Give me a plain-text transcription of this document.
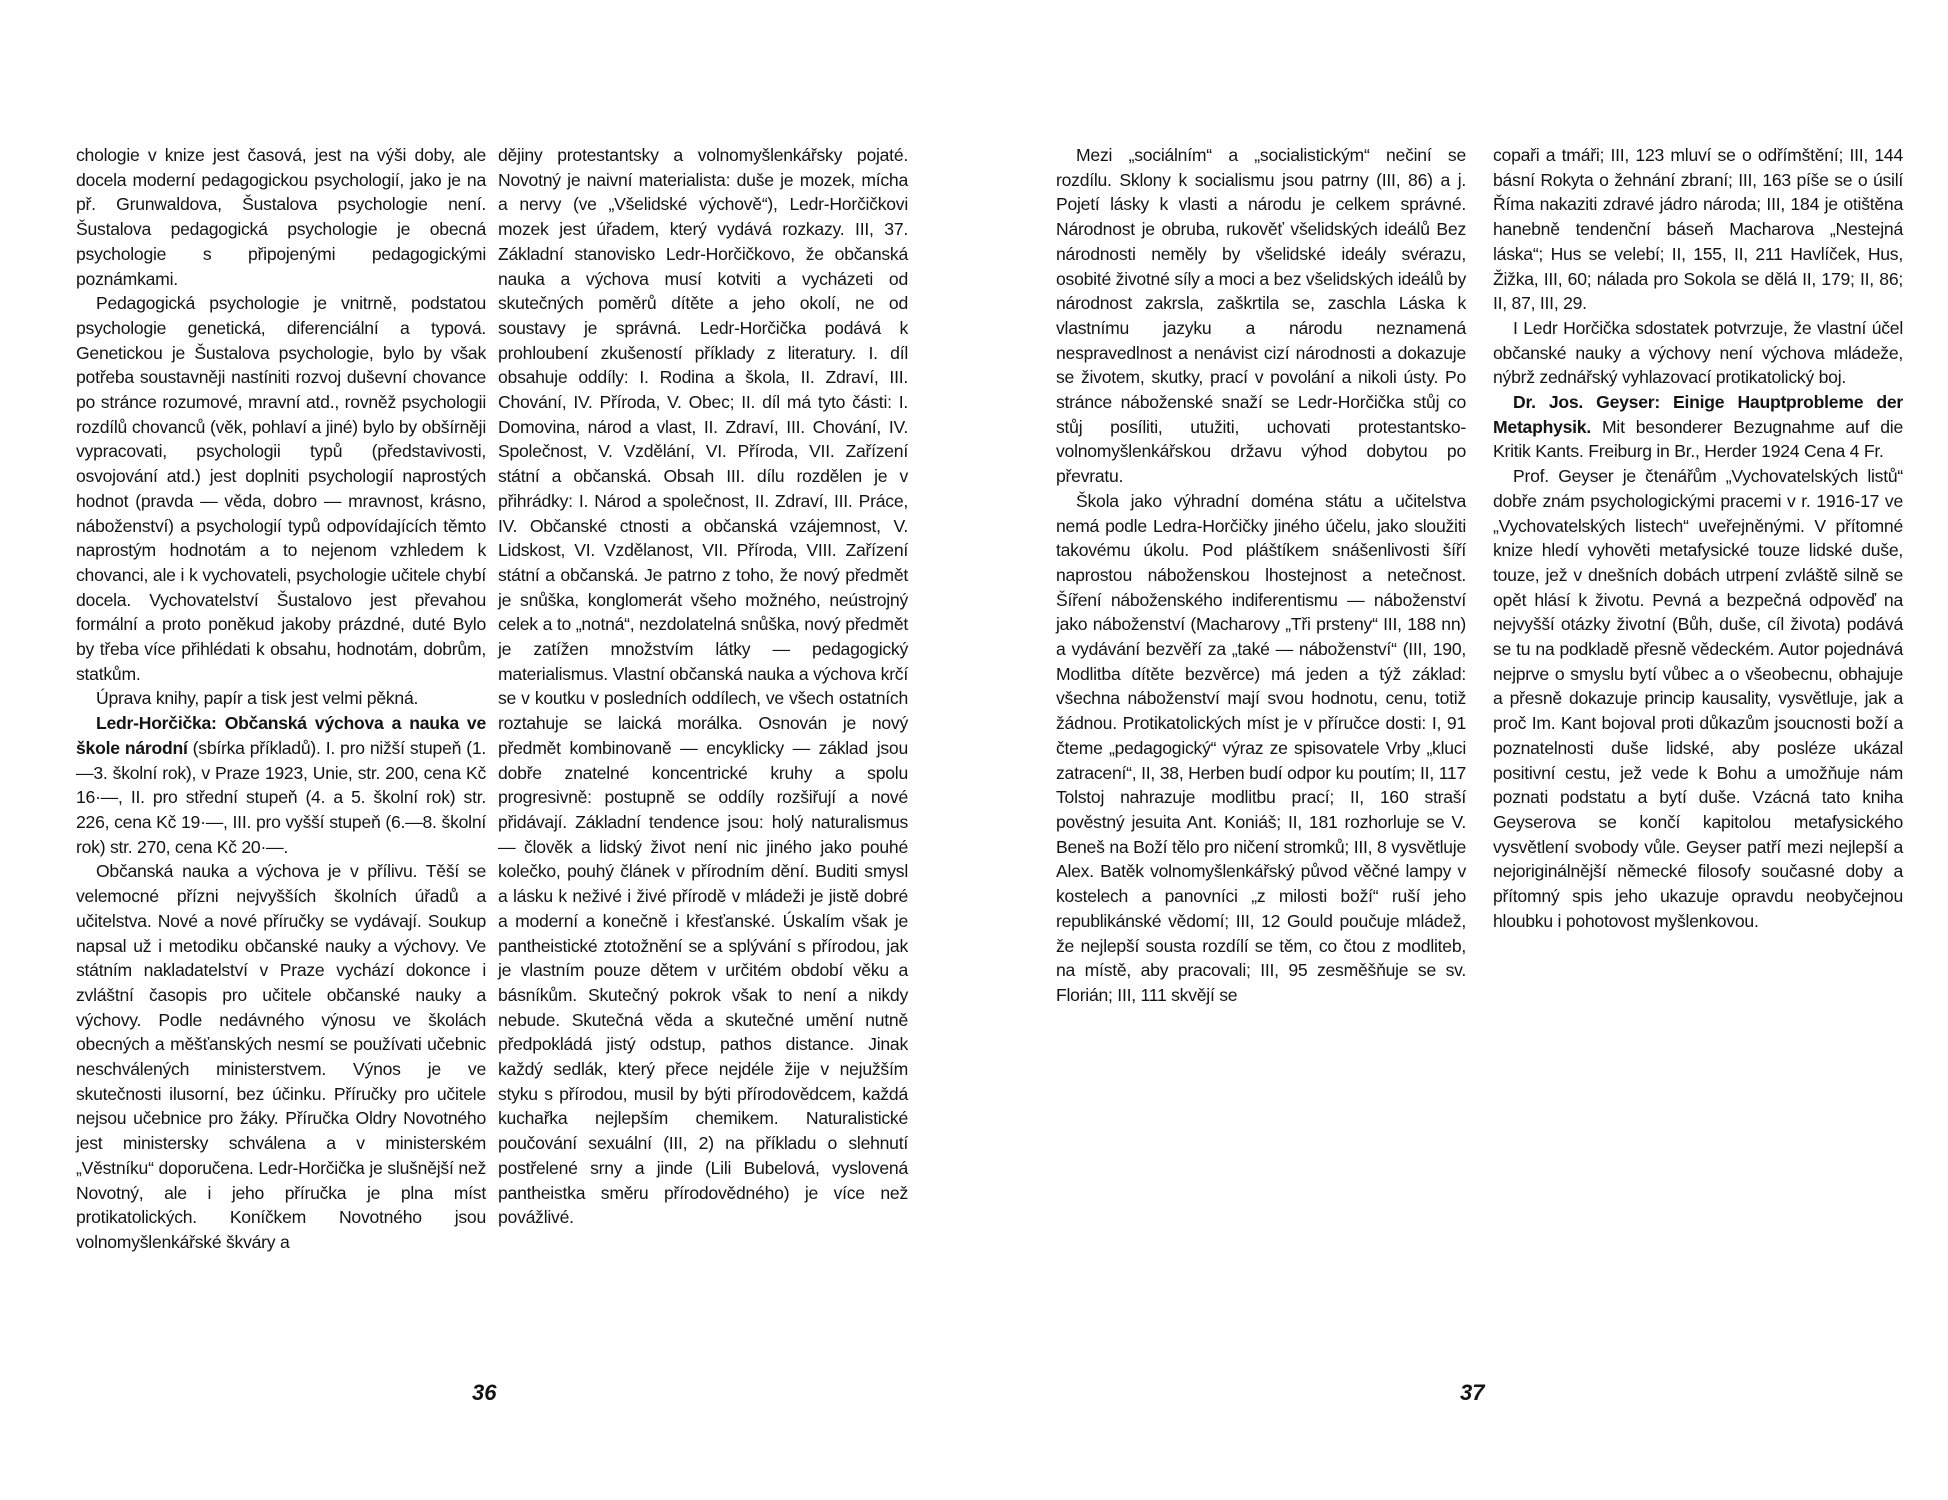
chologie v knize jest časová, jest na výši doby, ale docela moderní pedagogickou psychologií, jako je na př. Grunwaldova, Šustalova psychologie není. Šustalova pedagogická psychologie je obecná psychologie s připojenými pedagogickými poznámkami.

Pedagogická psychologie je vnitrně, podstatou psychologie genetická, diferenciální a typová. Genetickou je Šustalova psychologie, bylo by však potřeba soustavněji nastíniti rozvoj duševní chovance po stránce rozumové, mravní atd., rovněž psychologii rozdílů chovanců (věk, pohlaví a jiné) bylo by obšírněji vypracovati, psychologii typů (představivosti, osvojování atd.) jest doplniti psychologií naprostých hodnot (pravda — věda, dobro — mravnost, krásno, náboženství) a psychologií typů odpovídajících těmto naprostým hodnotám a to nejenom vzhledem k chovanci, ale i k vychovateli, psychologie učitele chybí docela. Vychovatelství Šustalovo jest převahou formální a proto poněkud jakoby prázdné, duté Bylo by třeba více přihlédati k obsahu, hodnotám, dobrům, statkům.

Úprava knihy, papír a tisk jest velmi pěkná.

Ledr-Horčička: Občanská výchova a nauka ve škole národní (sbírka příkladů). I. pro nižší stupeň (1.—3. školní rok), v Praze 1923, Unie, str. 200, cena Kč 16·—, II. pro střední stupeň (4. a 5. školní rok) str. 226, cena Kč 19·—, III. pro vyšší stupeň (6.—8. školní rok) str. 270, cena Kč 20·—.

Občanská nauka a výchova je v přílivu. Těší se velemocné přízni nejvyšších školních úřadů a učitelstva. Nové a nové příručky se vydávají. Soukup napsal už i metodiku občanské nauky a výchovy. Ve státním nakladatelství v Praze vychází dokonce i zvláštní časopis pro učitele občanské nauky a výchovy. Podle nedávného výnosu ve školách obecných a měšťanských nesmí se používati učebnic neschválených ministerstvem. Výnos je ve skutečnosti ilusorní, bez účinku. Příručky pro učitele nejsou učebnice pro žáky. Příručka Oldry Novotného jest ministersky schválena a v ministerském „Věstníku“ doporučena. Ledr-Horčička je slušnější než Novotný, ale i jeho příručka je plna míst protikatolických. Koníčkem Novotného jsou volnomyšlenkářské škváry a

dějiny protestantsky a volnomyšlenkářsky pojaté. Novotný je naivní materialista: duše je mozek, mícha a nervy (ve „Všelidské výchově“), Ledr-Horčičkovi mozek jest úřadem, který vydává rozkazy. III, 37. Základní stanovisko Ledr-Horčičkovo, že občanská nauka a výchova musí kotviti a vycházeti od skutečných poměrů dítěte a jeho okolí, ne od soustavy je správná. Ledr-Horčička podává k prohloubení zkušeností příklady z literatury. I. díl obsahuje oddíly: I. Rodina a škola, II. Zdraví, III. Chování, IV. Příroda, V. Obec; II. díl má tyto části: I. Domovina, národ a vlast, II. Zdraví, III. Chování, IV. Společnost, V. Vzdělání, VI. Příroda, VII. Zařízení státní a občanská. Obsah III. dílu rozdělen je v přihrádky: I. Národ a společnost, II. Zdraví, III. Práce, IV. Občanské ctnosti a občanská vzájemnost, V. Lidskost, VI. Vzdělanost, VII. Příroda, VIII. Zařízení státní a občanská. Je patrno z toho, že nový předmět je snůška, konglomerát všeho možného, neústrojný celek a to „notná“, nezdolatelná snůška, nový předmět je zatížen množstvím látky — pedagogický materialismus. Vlastní občanská nauka a výchova krčí se v koutku v posledních oddílech, ve všech ostatních roztahuje se laická morálka. Osnován je nový předmět kombinovaně — encyklicky — základ jsou dobře znatelné koncentrické kruhy a spolu progresivně: postupně se oddíly rozšiřují a nové přidávají. Základní tendence jsou: holý naturalismus — člověk a lidský život není nic jiného jako pouhé kolečko, pouhý článek v přírodním dění. Buditi smysl a lásku k neživé i živé přírodě v mládeži je jistě dobré a moderní a konečně i křesťanské. Úskalím však je pantheistické ztotožnění se a splývání s přírodou, jak je vlastním pouze dětem v určitém období věku a básníkům. Skutečný pokrok však to není a nikdy nebude. Skutečná věda a skutečné umění nutně předpokládá jistý odstup, pathos distance. Jinak každý sedlák, který přece nejdéle žije v nejužším styku s přírodou, musil by býti přírodovědcem, každá kuchařka nejlepším chemikem. Naturalistické poučování sexuální (III, 2) na příkladu o slehnutí postřelené srny a jinde (Lili Bubelová, vyslovená pantheistka směru přírodovědného) je více než povážlivé.

36

Mezi „sociálním“ a „socialistickým“ nečiní se rozdílu. Sklony k socialismu jsou patrny (III, 86) a j. Pojetí lásky k vlasti a národu je celkem správné. Národnost je obruba, rukověť všelidských ideálů Bez národnosti neměly by všelidské ideály svérazu, osobité životné síly a moci a bez všelidských ideálů by národnost zakrsla, zaškrtila se, zaschla Láska k vlastnímu jazyku a národu neznamená nespravedlnost a nenávist cizí národnosti a dokazuje se životem, skutky, prací v povolání a nikoli ústy. Po stránce náboženské snaží se Ledr-Horčička stůj co stůj posíliti, utužiti, uchovati protestantsko-volnomyšlenkářskou državu výhod dobytou po převratu.

Škola jako výhradní doména státu a učitelstva nemá podle Ledra-Horčičky jiného účelu, jako sloužiti takovému úkolu. Pod pláštíkem snášenlivosti šíří naprostou náboženskou lhostejnost a netečnost. Šíření náboženského indiferentismu — náboženství jako náboženství (Macharovy „Tři prsteny“ III, 188 nn) a vydávání bezvěří za „také — náboženství“ (III, 190, Modlitba dítěte bezvěrce) má jeden a týž základ: všechna náboženství mají svou hodnotu, cenu, totiž žádnou. Protikatolických míst je v příručce dosti: I, 91 čteme „pedagogický“ výraz ze spisovatele Vrby „kluci zatracení“, II, 38, Herben budí odpor ku poutím; II, 117 Tolstoj nahrazuje modlitbu prací; II, 160 straší pověstný jesuita Ant. Koniáš; II, 181 rozhorluje se V. Beneš na Boží tělo pro ničení stromků; III, 8 vysvětluje Alex. Batěk volnomyšlenkářský původ věčné lampy v kostelech a panovníci „z milosti boží“ ruší jeho republikánské vědomí; III, 12 Gould poučuje mládež, že nejlepší sousta rozdílí se těm, co čtou z modliteb, na místě, aby pracovali; III, 95 zesměšňuje se sv. Florián; III, 111 skvějí se

copaři a tmáři; III, 123 mluví se o odřímštění; III, 144 básní Rokyta o žehnání zbraní; III, 163 píše se o úsilí Říma nakaziti zdravé jádro národa; III, 184 je otištěna hanebně tendenční báseň Macharova „Nestejná láska“; Hus se velebí; II, 155, II, 211 Havlíček, Hus, Žižka, III, 60; nálada pro Sokola se dělá II, 179; II, 86; II, 87, III, 29.

I Ledr Horčička sdostatek potvrzuje, že vlastní účel občanské nauky a výchovy není výchova mládeže, nýbrž zednářský vyhlazovací protikatolický boj.

Dr. Jos. Geyser: Einige Hauptprobleme der Metaphysik. Mit besonderer Bezugnahme auf die Kritik Kants. Freiburg in Br., Herder 1924 Cena 4 Fr.

Prof. Geyser je čtenářům „Vychovatelských listů“ dobře znám psychologickými pracemi v r. 1916-17 ve „Vychovatelských listech“ uveřejněnými. V přítomné knize hledí vyhověti metafysické touze lidské duše, touze, jež v dnešních dobách utrpení zvláště silně se opět hlásí k životu. Pevná a bezpečná odpověď na nejvyšší otázky životní (Bůh, duše, cíl života) podává se tu na podkladě přesně vědeckém. Autor pojednává nejprve o smyslu bytí vůbec a o všeobecnu, obhajuje a přesně dokazuje princip kausality, vysvětluje, jak a proč Im. Kant bojoval proti důkazům jsoucnosti boží a poznatelnosti duše lidské, aby posléze ukázal positivní cestu, jež vede k Bohu a umožňuje nám poznati podstatu a bytí duše. Vzácná tato kniha Geyserova se končí kapitolou metafysického vysvětlení svobody vůle. Geyser patří mezi nejlepší a nejoriginálnější německé filosofy současné doby a přítomný spis jeho ukazuje opravdu neobyčejnou hloubku i pohotovost myšlenkovou.

37
